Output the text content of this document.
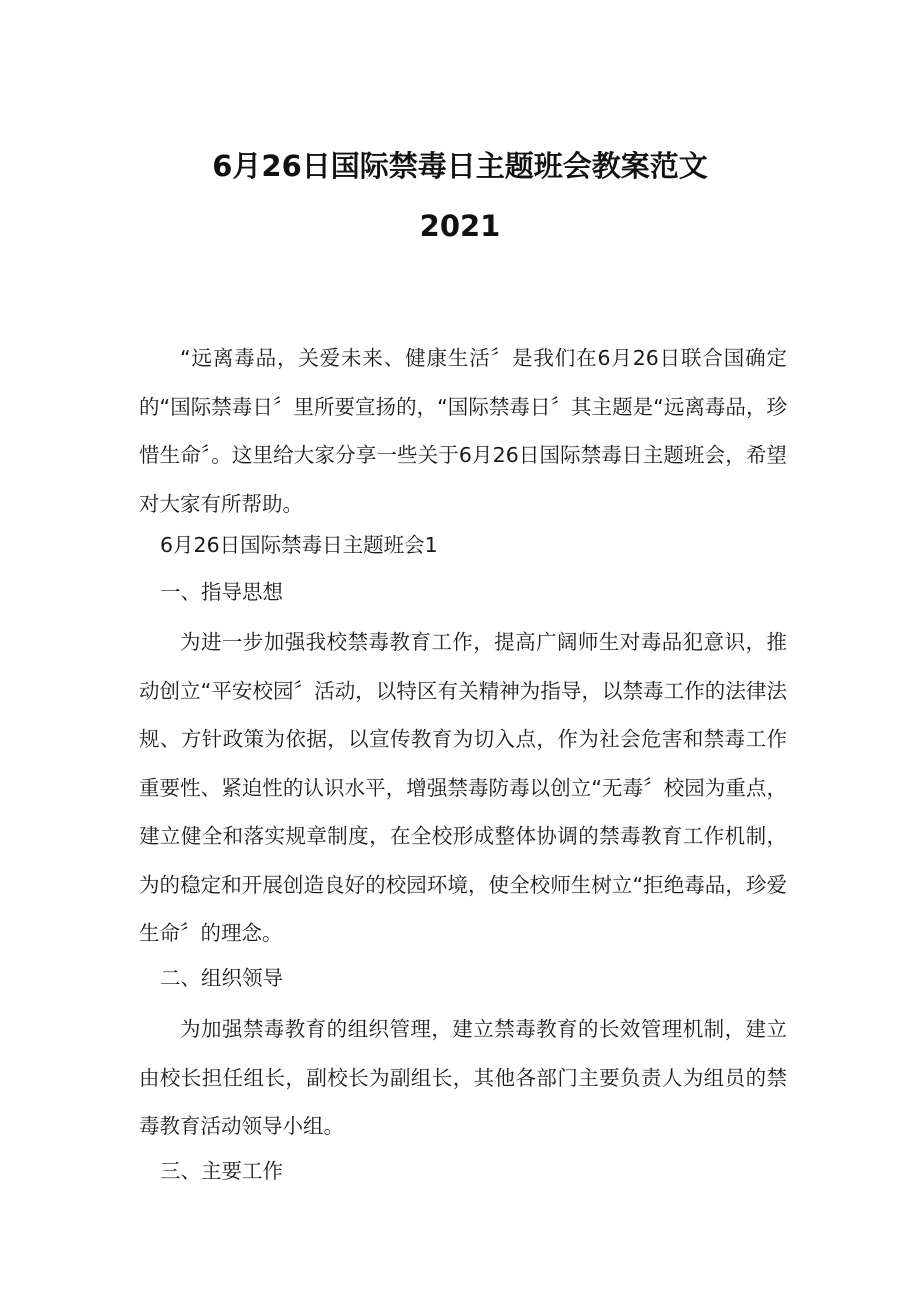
6月26日国际禁毒日主题班会教案范文
2021

“远离毒品，关爱未来、健康生活〞是我们在6月26日联合国确定的“国际禁毒日〞里所要宣扬的，“国际禁毒日〞其主题是“远离毒品，珍惜生命〞。这里给大家分享一些关于6月26日国际禁毒日主题班会，希望对大家有所帮助。

6月26日国际禁毒日主题班会1
一、指导思想

为进一步加强我校禁毒教育工作，提高广阔师生对毒品犯意识，推动创立“平安校园〞活动，以特区有关精神为指导，以禁毒工作的法律法规、方针政策为依据，以宣传教育为切入点，作为社会危害和禁毒工作重要性、紧迫性的认识水平，增强禁毒防毒以创立“无毒〞校园为重点，建立健全和落实规章制度，在全校形成整体协调的禁毒教育工作机制，为的稳定和开展创造良好的校园环境，使全校师生树立“拒绝毒品，珍爱生命〞的理念。

二、组织领导

为加强禁毒教育的组织管理，建立禁毒教育的长效管理机制，建立由校长担任组长，副校长为副组长，其他各部门主要负责人为组员的禁毒教育活动领导小组。

三、主要工作
